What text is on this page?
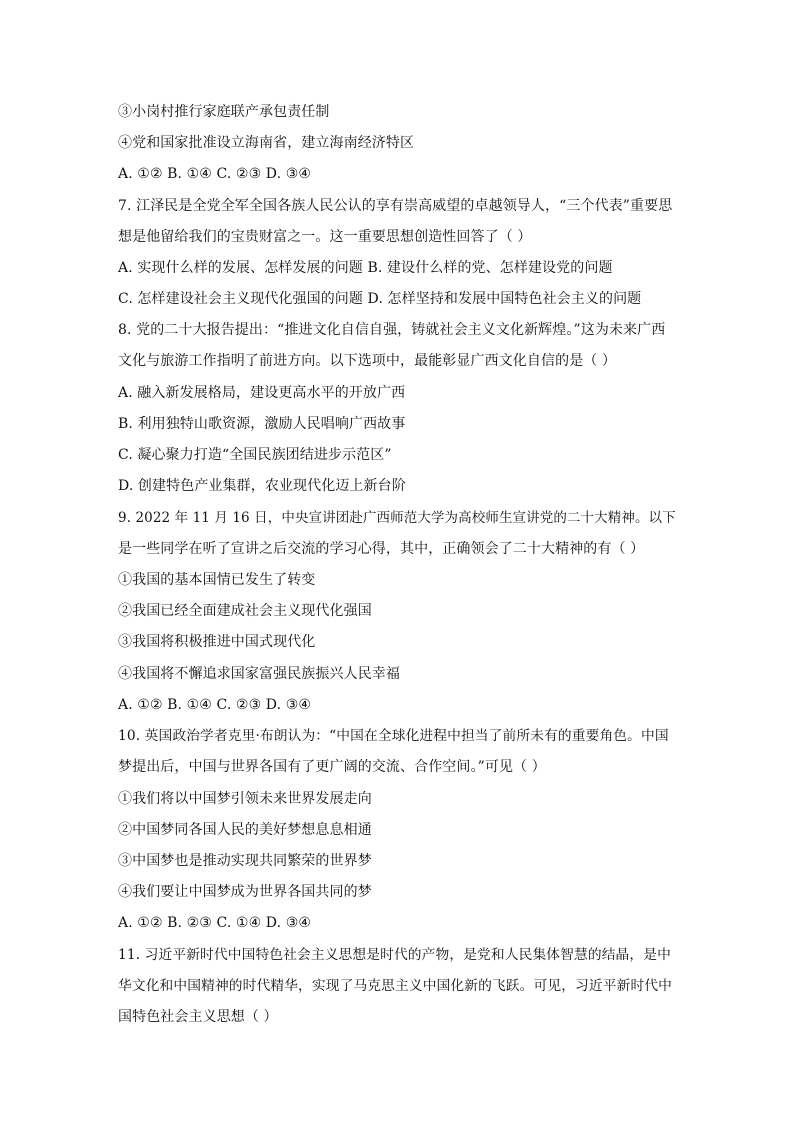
③小岗村推行家庭联产承包责任制
④党和国家批准设立海南省，建立海南经济特区
A. ①② B. ①④ C. ②③ D. ③④
7. 江泽民是全党全军全国各族人民公认的享有崇高威望的卓越领导人，“三个代表”重要思
想是他留给我们的宝贵财富之一。这一重要思想创造性回答了（ ）
A. 实现什么样的发展、怎样发展的问题 B. 建设什么样的党、怎样建设党的问题
C. 怎样建设社会主义现代化强国的问题 D. 怎样坚持和发展中国特色社会主义的问题
8. 党的二十大报告提出：“推进文化自信自强，铸就社会主义文化新辉煌。”这为未来广西
文化与旅游工作指明了前进方向。以下选项中，最能彰显广西文化自信的是（ ）
A. 融入新发展格局，建设更高水平的开放广西
B. 利用独特山歌资源，激励人民唱响广西故事
C. 凝心聚力打造“全国民族团结进步示范区”
D. 创建特色产业集群，农业现代化迈上新台阶
9. 2022 年 11 月 16 日，中央宣讲团赴广西师范大学为高校师生宣讲党的二十大精神。以下
是一些同学在听了宣讲之后交流的学习心得，其中，正确领会了二十大精神的有（ ）
①我国的基本国情已发生了转变
②我国已经全面建成社会主义现代化强国
③我国将积极推进中国式现代化
④我国将不懈追求国家富强民族振兴人民幸福
A. ①② B. ①④ C. ②③ D. ③④
10. 英国政治学者克里·布朗认为：“中国在全球化进程中担当了前所未有的重要角色。中国
梦提出后，中国与世界各国有了更广阔的交流、合作空间。”可见（ ）
①我们将以中国梦引领未来世界发展走向
②中国梦同各国人民的美好梦想息息相通
③中国梦也是推动实现共同繁荣的世界梦
④我们要让中国梦成为世界各国共同的梦
A. ①② B. ②③ C. ①④ D. ③④
11. 习近平新时代中国特色社会主义思想是时代的产物，是党和人民集体智慧的结晶，是中
华文化和中国精神的时代精华，实现了马克思主义中国化新的飞跃。可见，习近平新时代中
国特色社会主义思想（ ）
